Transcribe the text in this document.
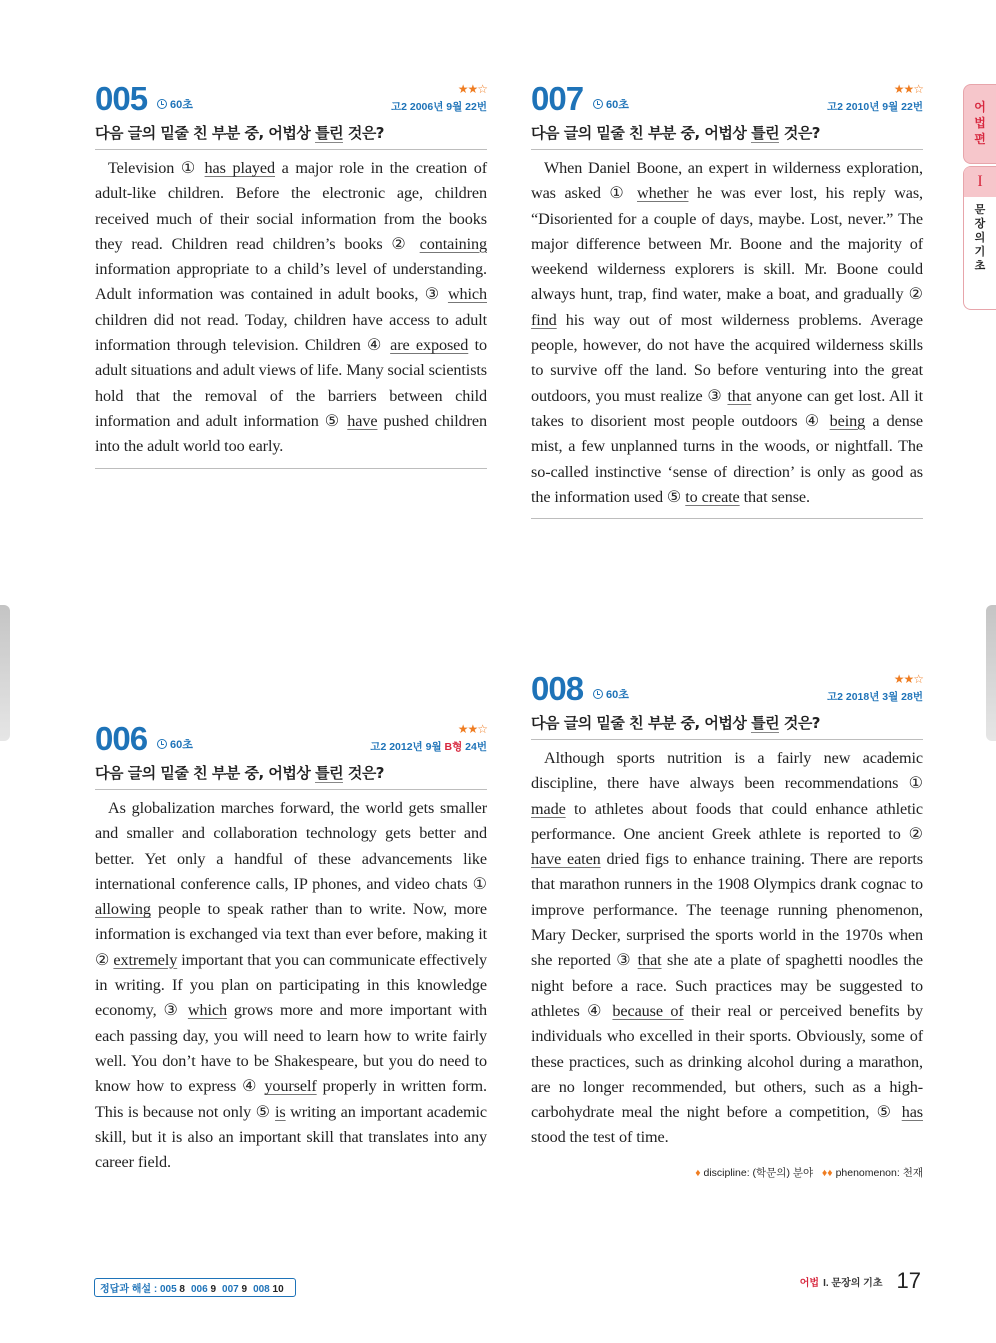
어
법
편
I
문
장
의
기
초
005 60초
★★☆
고2 2006년 9월 22번
다음 글의 밑줄 친 부분 중, 어법상 틀린 것은?

Television ① has played a major role in the creation of adult-like children. Before the electronic age, children received much of their social information from the books they read. Children read children’s books ② containing information appropriate to a child’s level of understanding. Adult information was contained in adult books, ③ which children did not read. Today, children have access to adult information through television. Children ④ are exposed to adult situations and adult views of life. Many social scientists hold that the removal of the barriers between child information and adult information ⑤ have pushed children into the adult world too early.

006 60초
★★☆
고2 2012년 9월 B형 24번
다음 글의 밑줄 친 부분 중, 어법상 틀린 것은?

As globalization marches forward, the world gets smaller and smaller and collaboration technology gets better and better. Yet only a handful of these advancements like international conference calls, IP phones, and video chats ① allowing people to speak rather than to write. Now, more information is exchanged via text than ever before, making it ② extremely important that you can communicate effectively in writing. If you plan on participating in this knowledge economy, ③ which grows more and more important with each passing day, you will need to learn how to write fairly well. You don’t have to be Shakespeare, but you do need to know how to express ④ yourself properly in written form. This is because not only ⑤ is writing an important academic skill, but it is also an important skill that translates into any career field.

007 60초
★★☆
고2 2010년 9월 22번
다음 글의 밑줄 친 부분 중, 어법상 틀린 것은?

When Daniel Boone, an expert in wilderness exploration, was asked ① whether he was ever lost, his reply was, “Disoriented for a couple of days, maybe. Lost, never.” The major difference between Mr. Boone and the majority of weekend wilderness explorers is skill. Mr. Boone could always hunt, trap, find water, make a boat, and gradually ② find his way out of most wilderness problems. Average people, however, do not have the acquired wilderness skills to survive off the land. So before venturing into the great outdoors, you must realize ③ that anyone can get lost. All it takes to disorient most people outdoors ④ being a dense mist, a few unplanned turns in the woods, or nightfall. The so-called instinctive ‘sense of direction’ is only as good as the information used ⑤ to create that sense.

008 60초
★★☆
고2 2018년 3월 28번
다음 글의 밑줄 친 부분 중, 어법상 틀린 것은?

Although sports nutrition is a fairly new academic discipline, there have always been recommendations ① made to athletes about foods that could enhance athletic performance. One ancient Greek athlete is reported to ② have eaten dried figs to enhance training. There are reports that marathon runners in the 1908 Olympics drank cognac to improve performance. The teenage running phenomenon, Mary Decker, surprised the sports world in the 1970s when she reported ③ that she ate a plate of spaghetti noodles the night before a race. Such practices may be suggested to athletes ④ because of their real or perceived benefits by individuals who excelled in their sports. Obviously, some of these practices, such as drinking alcohol during a marathon, are no longer recommended, but others, such as a high-carbohydrate meal the night before a competition, ⑤ has stood the test of time.

♦ discipline: (학문의) 분야 ♦♦ phenomenon: 천재
정답과 해설 : 005 8 006 9 007 9 008 10
어법 I. 문장의 기초 17
